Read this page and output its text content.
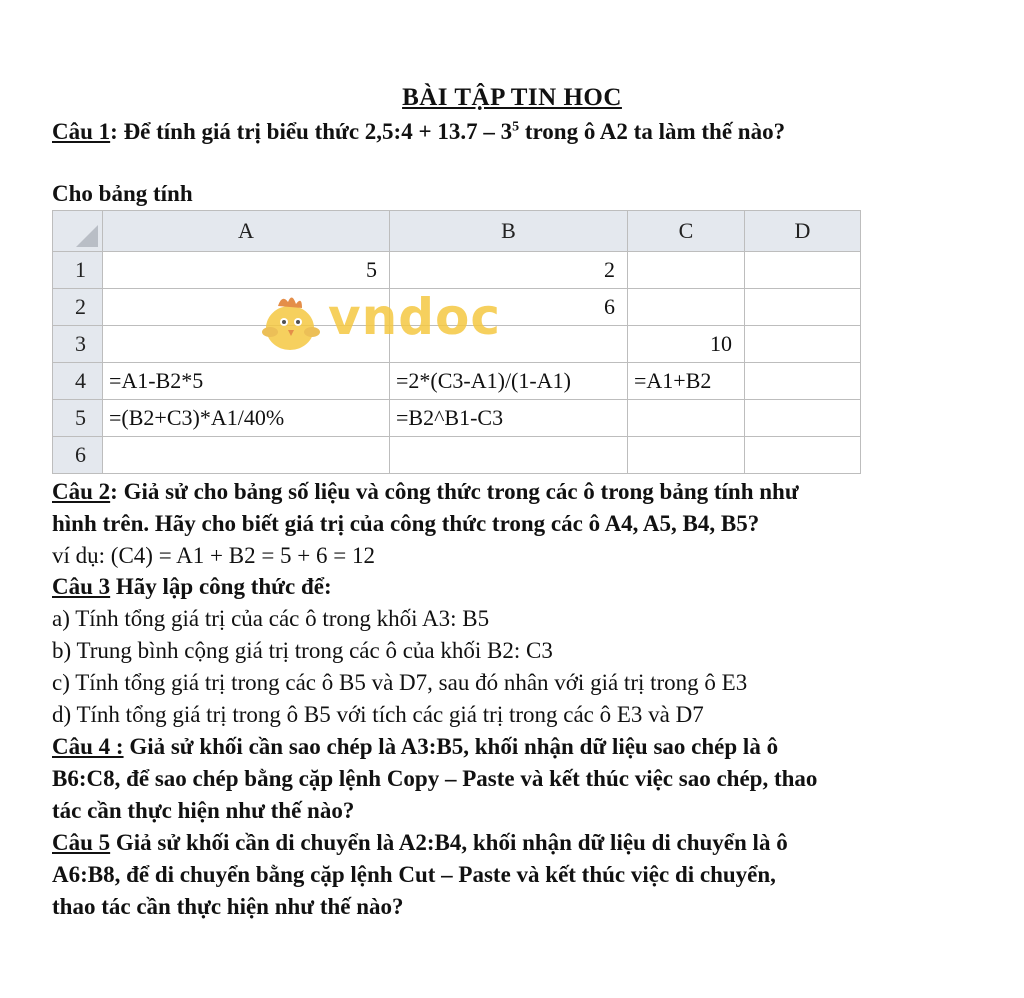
BÀI TẬP TIN HOC
Câu 1: Để tính giá trị biểu thức 2,5:4 + $13.7 - 3^5$ trong ô A2 ta làm thế nào?
Cho bảng tính
	A	B	C	D
1	5	2		
2		6		
3			10	
4	=A1-B2*5	=2*(C3-A1)/(1-A1)	=A1+B2	
5	=(B2+C3)*A1/40%	=B2^B1-C3		
6				
vndoc
Câu 2: Giả sử cho bảng số liệu và công thức trong các ô trong bảng tính như
hình trên. Hãy cho biết giá trị của công thức trong các ô A4, A5, B4, B5?
ví dụ: (C4) = A1 + B2 = 5 + 6 = 12
Câu 3 Hãy lập công thức để:
a) Tính tổng giá trị của các ô trong khối A3: B5
b) Trung bình cộng giá trị trong các ô của khối B2: C3
c) Tính tổng giá trị trong các ô B5 và D7, sau đó nhân với giá trị trong ô E3
d) Tính tổng giá trị trong ô B5 với tích các giá trị trong các ô E3 và D7
Câu 4 : Giả sử khối cần sao chép là A3:B5, khối nhận dữ liệu sao chép là ô
B6:C8, để sao chép bằng cặp lệnh Copy – Paste và kết thúc việc sao chép, thao
tác cần thực hiện như thế nào?
Câu 5 Giả sử khối cần di chuyển là A2:B4, khối nhận dữ liệu di chuyển là ô
A6:B8, để di chuyển bằng cặp lệnh Cut – Paste và kết thúc việc di chuyển,
thao tác cần thực hiện như thế nào?
